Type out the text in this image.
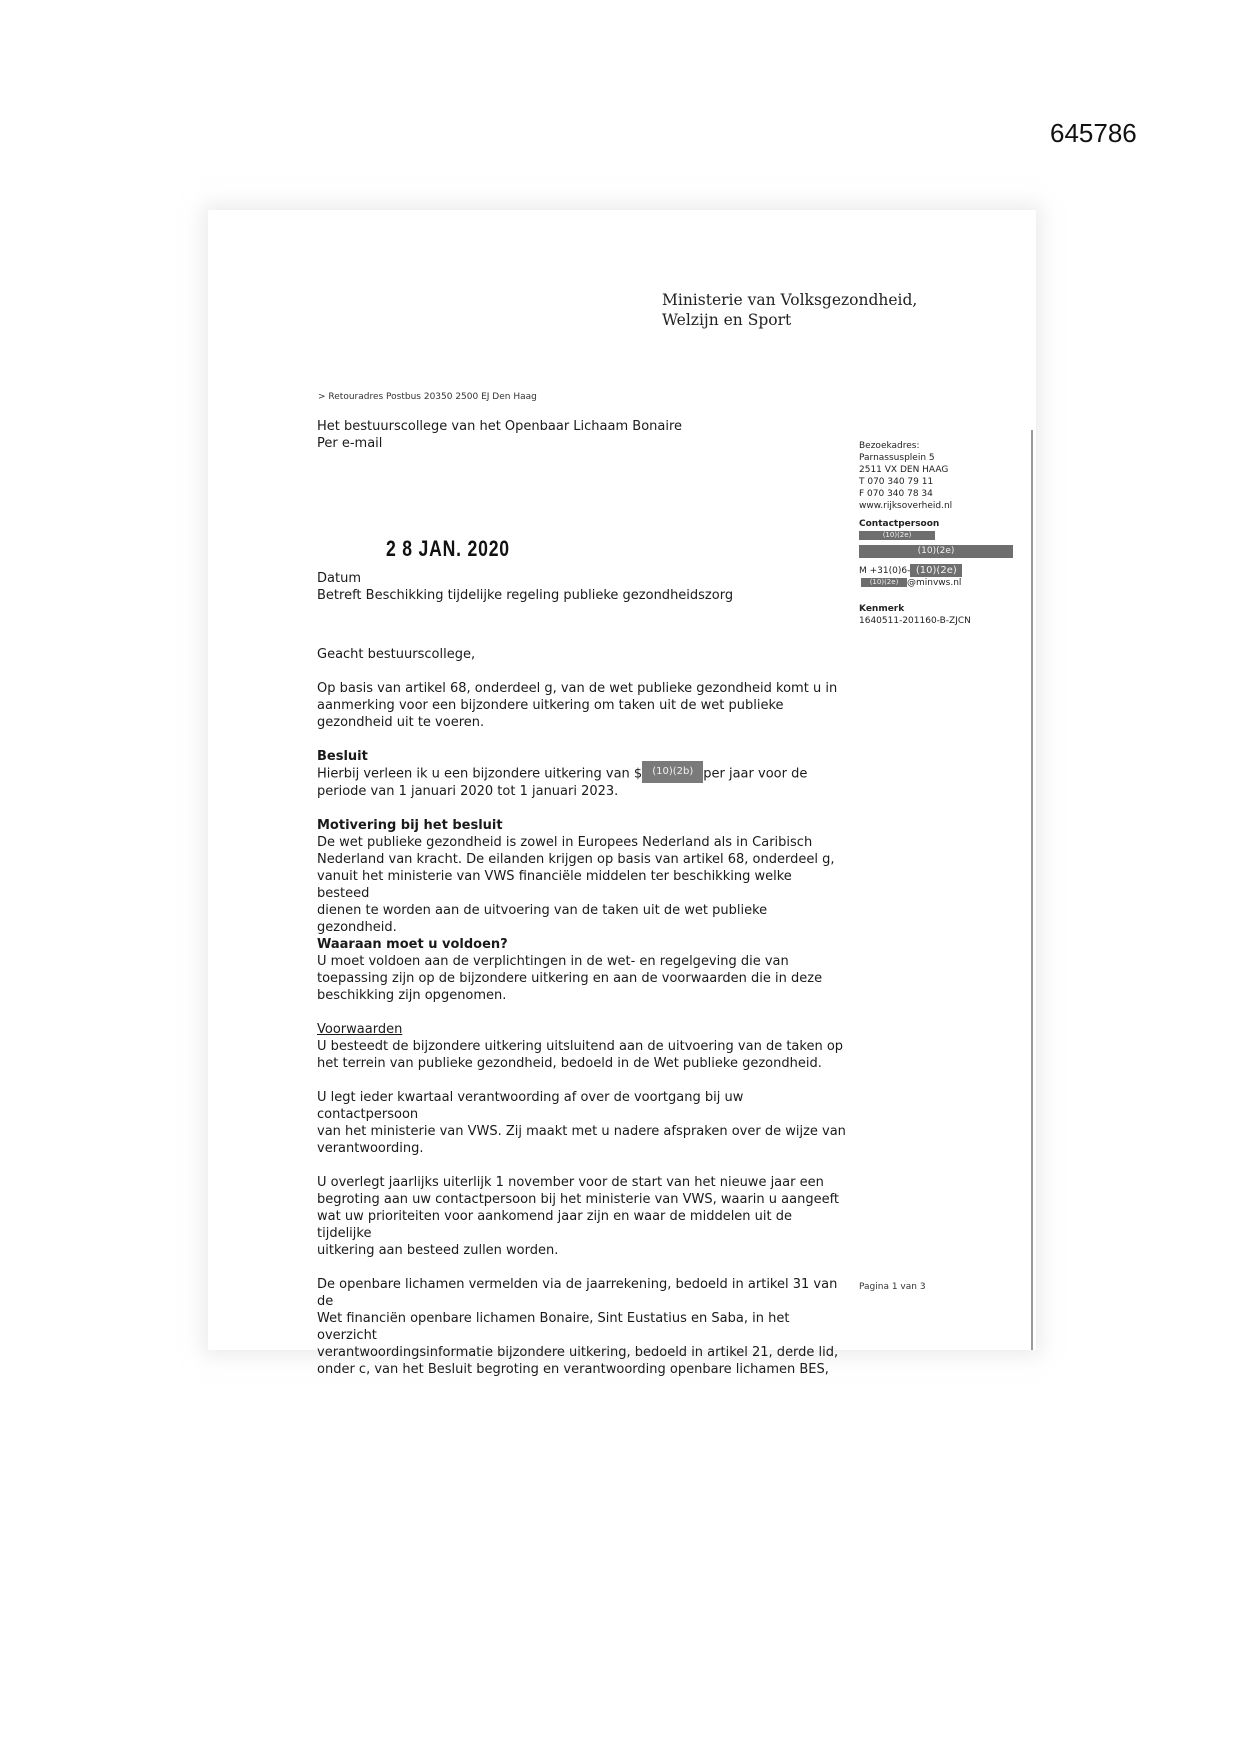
645786
Ministerie van Volksgezondheid,
Welzijn en Sport
> Retouradres Postbus 20350 2500 EJ Den Haag
Het bestuurscollege van het Openbaar Lichaam Bonaire
Per e-mail	Bezoekadres:
Parnassusplein 5
2511 VX DEN HAAG
T 070 340 79 11
F 070 340 78 34
www.rijksoverheid.nl
Contactpersoon
(10)(2e)
(10)(2e)
M +31(0)6- (10)(2e)
(10)(2e) @minvws.nl
Kenmerk
1640511-201160-B-ZJCN
2 8 JAN. 2020

Datum

Betreft Beschikking tijdelijke regeling publieke gezondheidszorg

Geacht bestuurscollege,

Op basis van artikel 68, onderdeel g, van de wet publieke gezondheid komt u in

aanmerking voor een bijzondere uitkering om taken uit de wet publieke

gezondheid uit te voeren.

Besluit

Hierbij verleen ik u een bijzondere uitkering van $ (10)(2b) per jaar voor de

periode van 1 januari 2020 tot 1 januari 2023.

Motivering bij het besluit

De wet publieke gezondheid is zowel in Europees Nederland als in Caribisch

Nederland van kracht. De eilanden krijgen op basis van artikel 68, onderdeel g,

vanuit het ministerie van VWS financiële middelen ter beschikking welke besteed

dienen te worden aan de uitvoering van de taken uit de wet publieke gezondheid.

Waaraan moet u voldoen?

U moet voldoen aan de verplichtingen in de wet- en regelgeving die van

toepassing zijn op de bijzondere uitkering en aan de voorwaarden die in deze

beschikking zijn opgenomen.

Voorwaarden

U besteedt de bijzondere uitkering uitsluitend aan de uitvoering van de taken op

het terrein van publieke gezondheid, bedoeld in de Wet publieke gezondheid.

U legt ieder kwartaal verantwoording af over de voortgang bij uw contactpersoon

van het ministerie van VWS. Zij maakt met u nadere afspraken over de wijze van

verantwoording.

U overlegt jaarlijks uiterlijk 1 november voor de start van het nieuwe jaar een

begroting aan uw contactpersoon bij het ministerie van VWS, waarin u aangeeft

wat uw prioriteiten voor aankomend jaar zijn en waar de middelen uit de tijdelijke

uitkering aan besteed zullen worden.

De openbare lichamen vermelden via de jaarrekening, bedoeld in artikel 31 van de

Wet financiën openbare lichamen Bonaire, Sint Eustatius en Saba, in het overzicht

verantwoordingsinformatie bijzondere uitkering, bedoeld in artikel 21, derde lid,

onder c, van het Besluit begroting en verantwoording openbare lichamen BES,

Pagina 1 van 3
